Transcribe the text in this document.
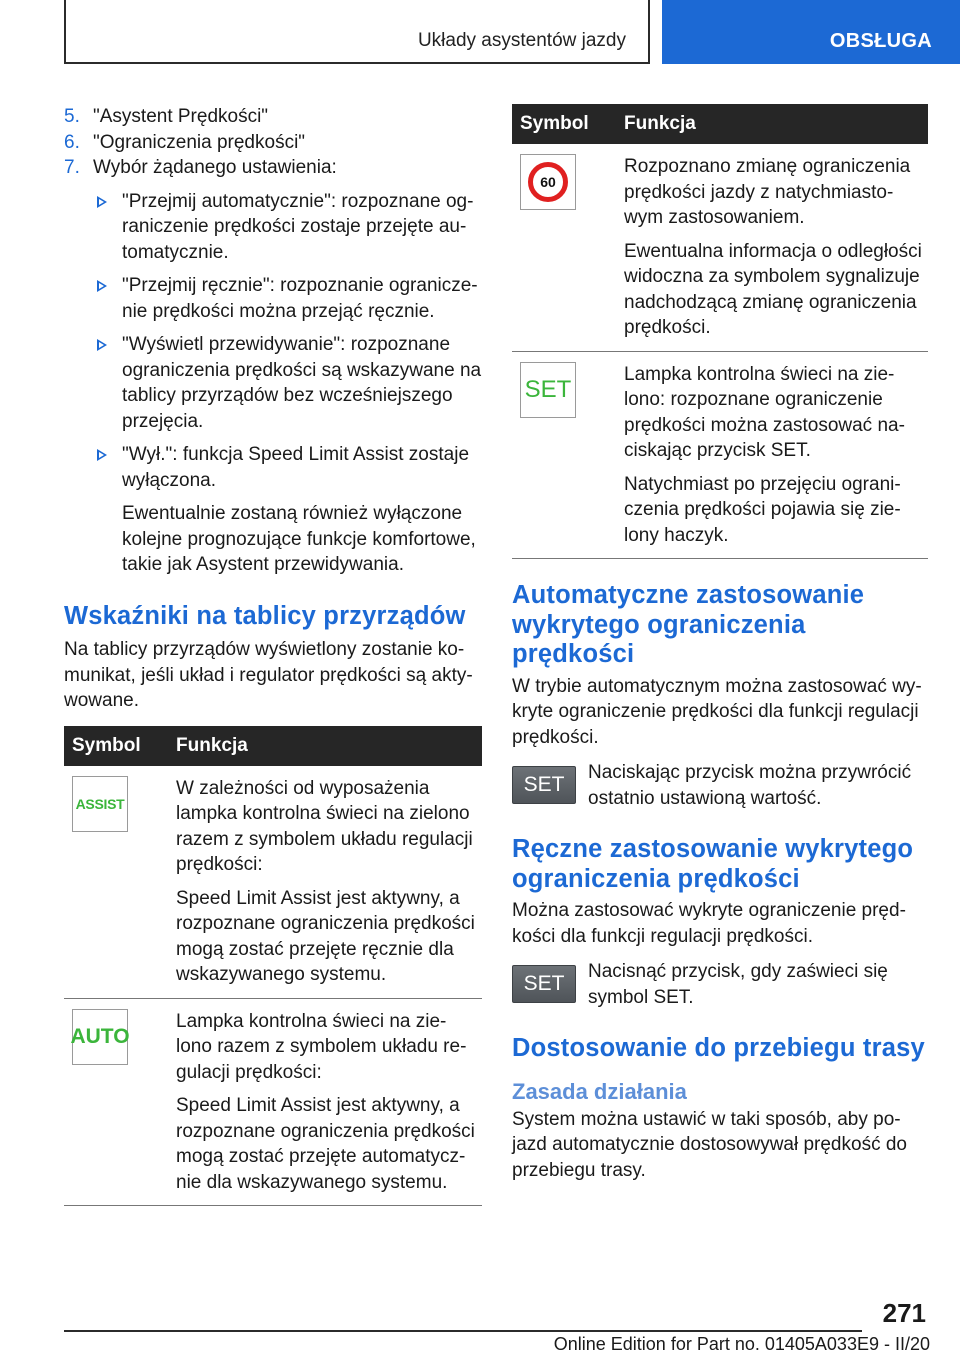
Układy asystentów jazdy	OBSŁUGA
5. "Asystent Prędkości"
6. "Ograniczenia prędkości"
7. Wybór żądanego ustawienia:
"Przejmij automatycznie": rozpoznane og‐raniczenie prędkości zostaje przejęte au‐tomatycznie.
"Przejmij ręcznie": rozpoznanie ogranicze‐nie prędkości można przejąć ręcznie.
"Wyświetl przewidywanie": rozpoznane ograniczenia prędkości są wskazywane na tablicy przyrządów bez wcześniejszego przejęcia.
"Wył.": funkcja Speed Limit Assist zostaje wyłączona.

Ewentualnie zostaną również wyłączone kolejne prognozujące funkcje komfortowe, takie jak Asystent przewidywania.

Wskaźniki na tablicy przyrządów

Na tablicy przyrządów wyświetlony zostanie ko‐munikat, jeśli układ i regulator prędkości są akty‐wowane.

Symbol	Funkcja

ASSIST	W zależności od wyposażenia lampka kontrolna świeci na zielono razem z symbolem układu regulacji prędkości:

Speed Limit Assist jest aktywny, a rozpoznane ograniczenia prędkości mogą zostać przejęte ręcznie dla wskazywanego systemu.

AUTO	Lampka kontrolna świeci na zie‐lono razem z symbolem układu re‐gulacji prędkości:

Speed Limit Assist jest aktywny, a rozpoznane ograniczenia prędkości mogą zostać przejęte automatycz‐nie dla wskazywanego systemu.

Symbol	Funkcja

60	Rozpoznano zmianę ograniczenia prędkości jazdy z natychmiasto‐wym zastosowaniem.

Ewentualna informacja o odległości widoczna za symbolem sygnalizuje nadchodzącą zmianę ograniczenia prędkości.

SET	Lampka kontrolna świeci na zie‐lono: rozpoznane ograniczenie prędkości można zastosować na‐ciskając przycisk SET.

Natychmiast po przejęciu ograni‐czenia prędkości pojawia się zie‐lony haczyk.

Automatyczne zastosowanie wykrytego ograniczenia prędkości

W trybie automatycznym można zastosować wy‐kryte ograniczenie prędkości dla funkcji regulacji prędkości.

SET

Naciskając przycisk można przywrócić ostatnio ustawioną wartość.

Ręczne zastosowanie wykrytego ograniczenia prędkości

Można zastosować wykryte ograniczenie pręd‐kości dla funkcji regulacji prędkości.

SET

Nacisnąć przycisk, gdy zaświeci się symbol SET.

Dostosowanie do przebiegu trasy
Zasada działania

System można ustawić w taki sposób, aby po‐jazd automatycznie dostosowywał prędkość do przebiegu trasy.

271
Online Edition for Part no. 01405A033E9 - II/20
